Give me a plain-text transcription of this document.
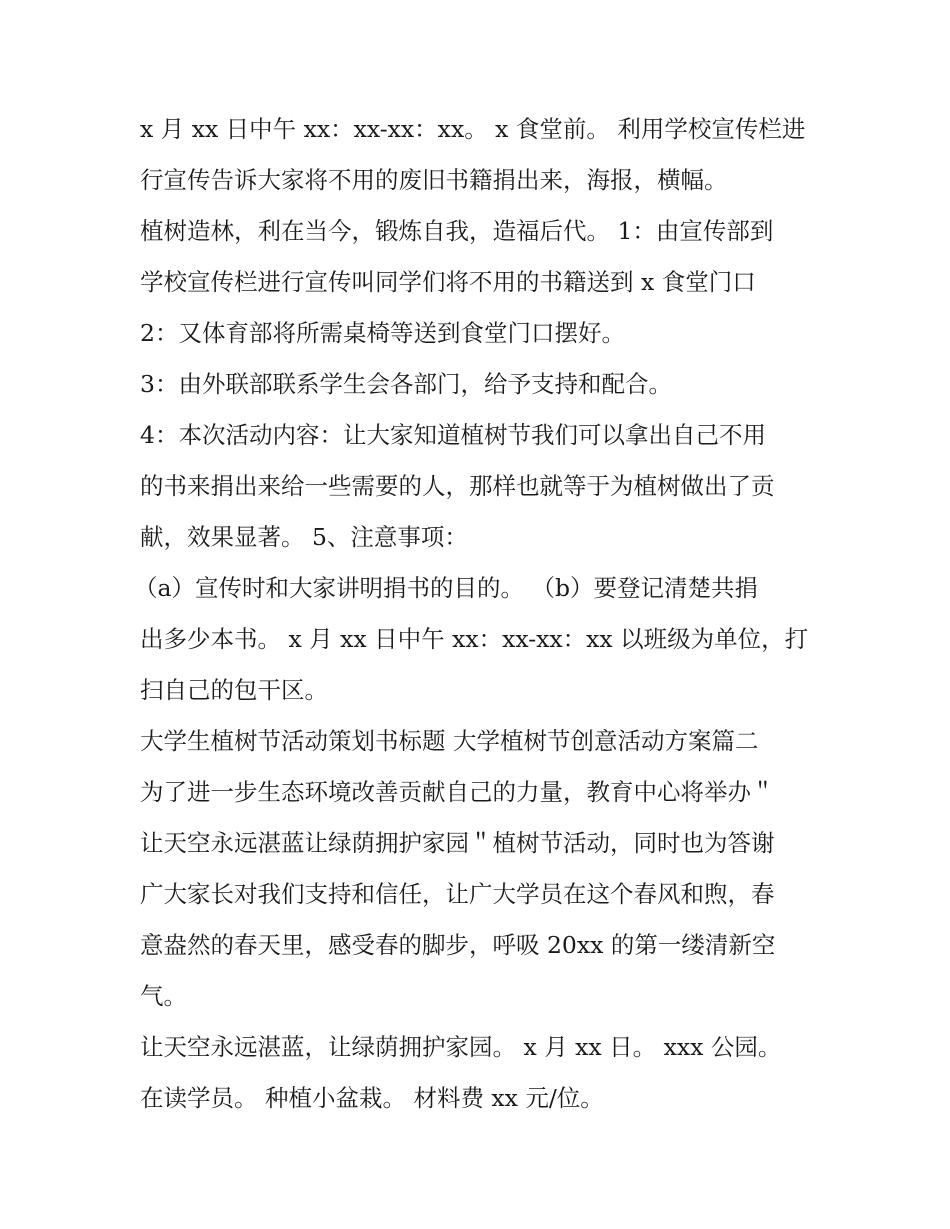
x 月 xx 日中午 xx：xx-xx：xx。 x 食堂前。 利用学校宣传栏进
行宣传告诉大家将不用的废旧书籍捐出来，海报，横幅。
植树造林，利在当今，锻炼自我，造福后代。 1：由宣传部到
学校宣传栏进行宣传叫同学们将不用的书籍送到 x 食堂门口
2：又体育部将所需桌椅等送到食堂门口摆好。
3：由外联部联系学生会各部门，给予支持和配合。
4：本次活动内容：让大家知道植树节我们可以拿出自己不用
的书来捐出来给一些需要的人，那样也就等于为植树做出了贡
献，效果显著。 5、注意事项：
（a）宣传时和大家讲明捐书的目的。 （b）要登记清楚共捐
出多少本书。 x 月 xx 日中午 xx：xx-xx：xx 以班级为单位，打
扫自己的包干区。
大学生植树节活动策划书标题 大学植树节创意活动方案篇二
为了进一步生态环境改善贡献自己的力量，教育中心将举办＂
让天空永远湛蓝让绿荫拥护家园＂植树节活动，同时也为答谢
广大家长对我们支持和信任，让广大学员在这个春风和煦，春
意盎然的春天里，感受春的脚步，呼吸 20xx 的第一缕清新空
气。
让天空永远湛蓝，让绿荫拥护家园。 x 月 xx 日。 xxx 公园。
在读学员。 种植小盆栽。 材料费 xx 元/位。
